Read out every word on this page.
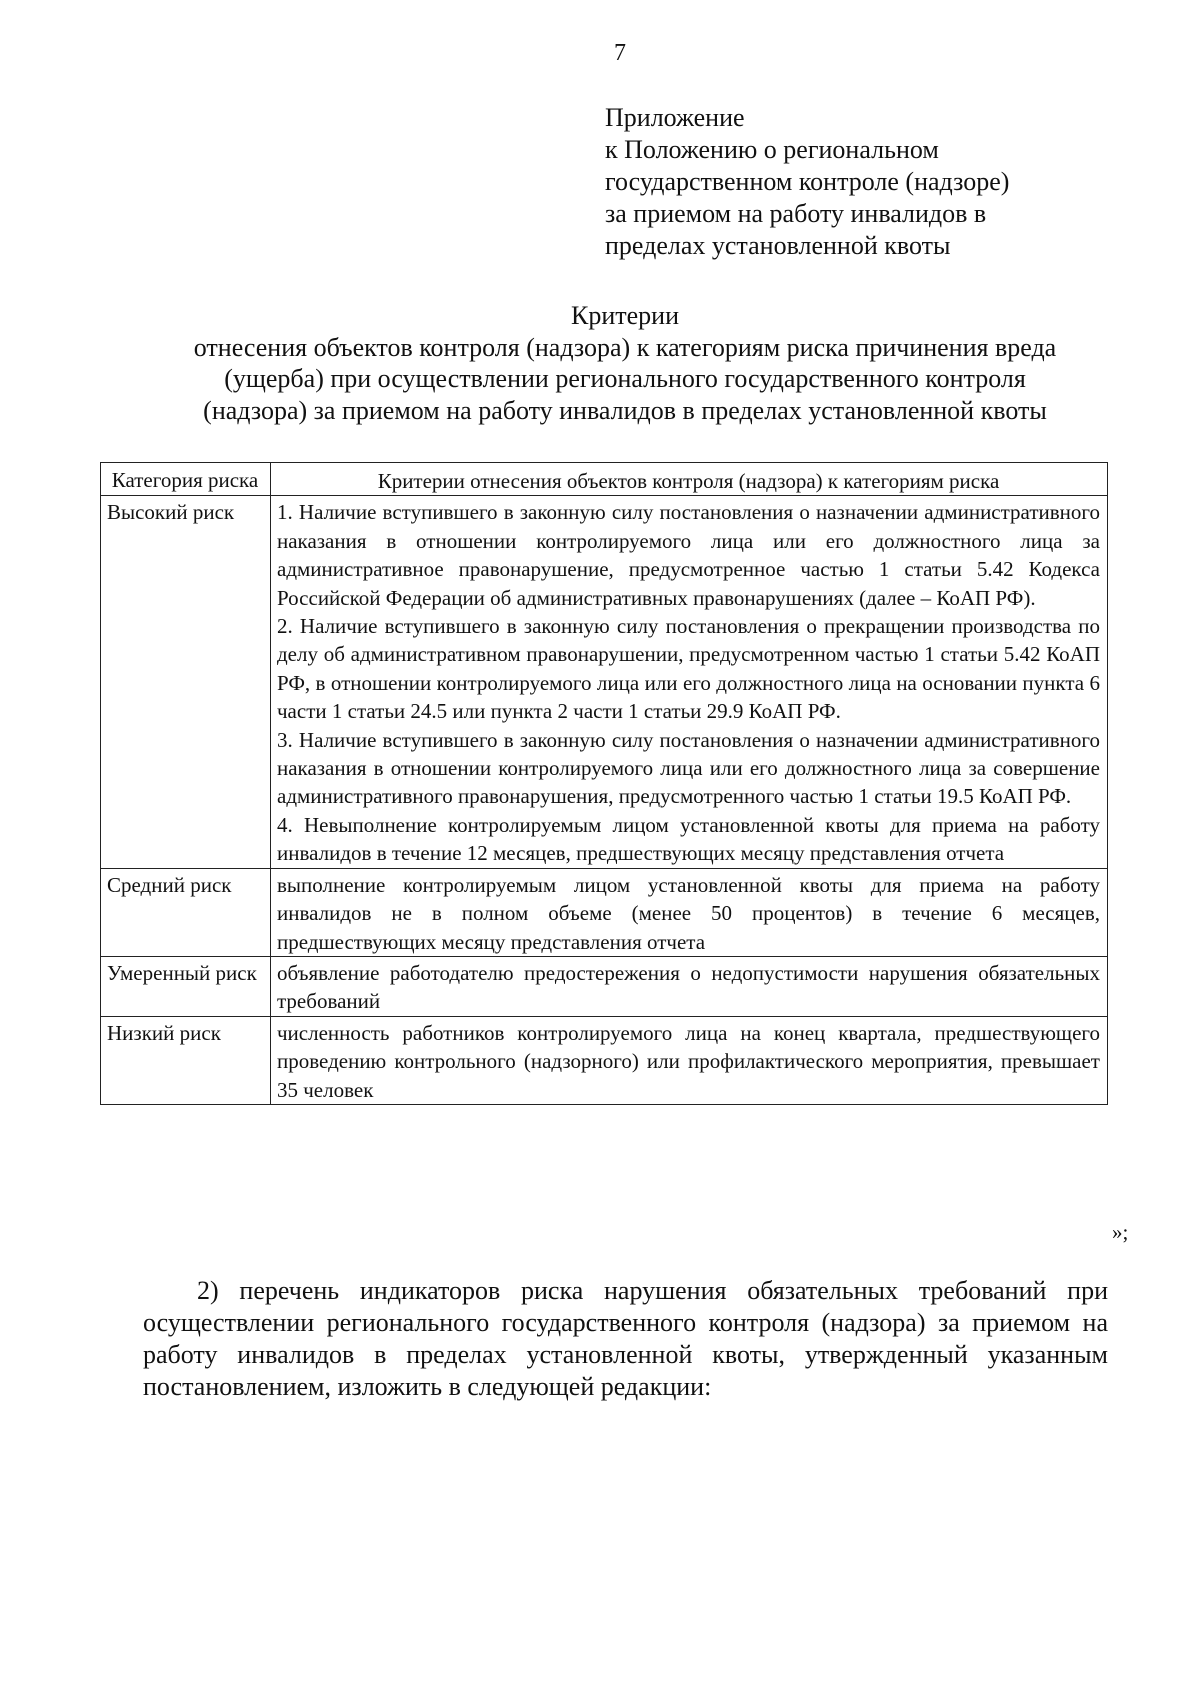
7
Приложение
к Положению о региональном
государственном контроле (надзоре)
за приемом на работу инвалидов в
пределах установленной квоты
Критерии
отнесения объектов контроля (надзора) к категориям риска причинения вреда
(ущерба) при осуществлении регионального государственного контроля
(надзора) за приемом на работу инвалидов в пределах установленной квоты
Категория риска	Критерии отнесения объектов контроля (надзора) к категориям риска
Высокий риск	1. Наличие вступившего в законную силу постановления о назначении административного наказания в отношении контролируемого лица или его должностного лица за административное правонарушение, предусмотренное частью 1 статьи 5.42 Кодекса Российской Федерации об административных правонарушениях (далее – КоАП РФ).

2. Наличие вступившего в законную силу постановления о прекращении производства по делу об административном правонарушении, предусмотренном частью 1 статьи 5.42 КоАП РФ, в отношении контролируемого лица или его должностного лица на основании пункта 6 части 1 статьи 24.5 или пункта 2 части 1 статьи 29.9 КоАП РФ.

3. Наличие вступившего в законную силу постановления о назначении административного наказания в отношении контролируемого лица или его должностного лица за совершение административного правонарушения, предусмотренного частью 1 статьи 19.5 КоАП РФ.

4. Невыполнение контролируемым лицом установленной квоты для приема на работу инвалидов в течение 12 месяцев, предшествующих месяцу представления отчета

Средний риск	выполнение контролируемым лицом установленной квоты для приема на работу инвалидов не в полном объеме (менее 50 процентов) в течение 6 месяцев, предшествующих месяцу представления отчета

Умеренный риск	объявление работодателю предостережения о недопустимости нарушения обязательных требований

Низкий риск	численность работников контролируемого лица на конец квартала, предшествующего проведению контрольного (надзорного) или профилактического мероприятия, превышает 35 человек

»;
2) перечень индикаторов риска нарушения обязательных требований при осуществлении регионального государственного контроля (надзора) за приемом на работу инвалидов в пределах установленной квоты, утвержденный указанным постановлением, изложить в следующей редакции:
